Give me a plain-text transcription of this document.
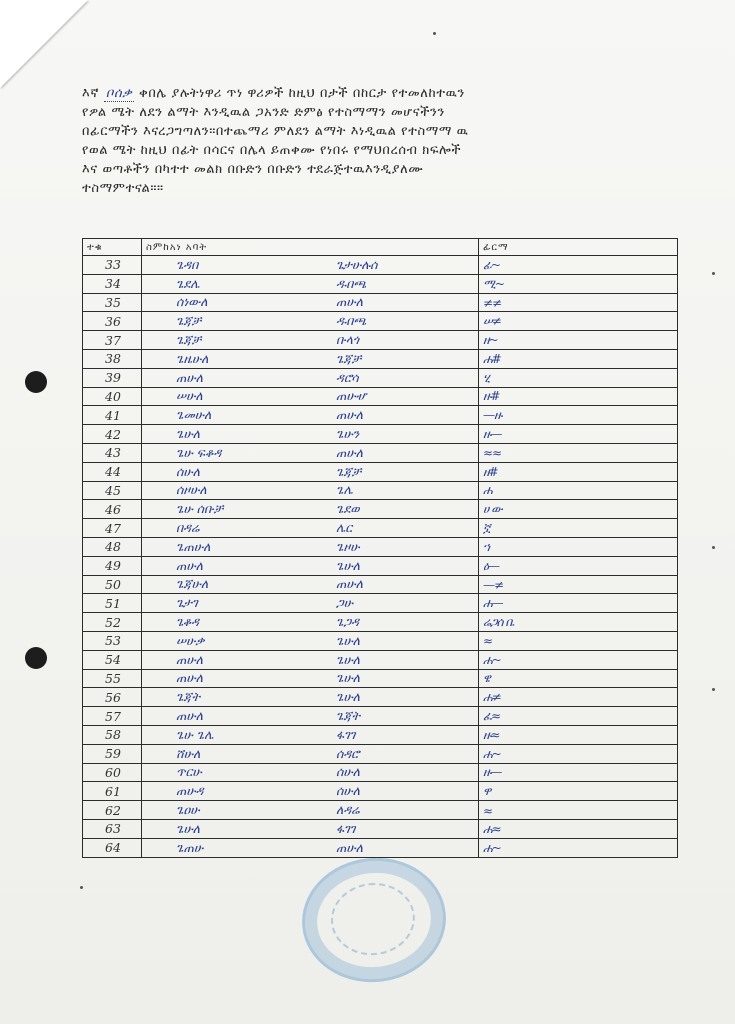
እኛ ቦሰቃ ቀበሌ ያሉትነዋሪ ጥነ ዋሪዎች ከዚህ በታች በከርታ የተመለከተዉን
የዎል ሜት ለደን ልማት እንዲዉል ጋአንድ ድምፅ የተስማማን መሆናችንን
በፊርማችን እናረጋግጣለን።በተጨማሪ ምለደን ልማት እነዲዉል የተስማማ ዉ
የወል ሜት ከዚህ በፊት በሳርና በሌላ ይጠቀሙ የነበሩ የማህበረሰብ ክፍሎች
እና ወጣቶችን በካተተ መልክ በቡድን በቡድን ተደራጅተዉእንዲያለሙ
ተስማምተናል።።
ተቁ	ስምከአነ አባት	ፊርማ
33	ጌዳበ ጌታሁሉሰ	ፊ~
34	ጌደሌ ዱበጫ	ሚ~
35	ሰነውለ ጠሁለ	≠≠
36	ጌጃቻ ዱበጫ	ሠ≠
37	ጌጃቻ ቡላጎ	ዘ~
38	ጌዜሁለ ጌጃቻ	ሐ#
39	ጠሁለ ዳሮሳ	ሂ
40	ሠሁለ ጠሁሇ	ዙ#
41	ጌመሁለ ጠሁለ	—ዙ
42	ጌሁለ ጌሁን	ዙ—
43	ጌሁ ፍቆዳ ጠሁለ	≈≈
44	ሰሁለ ጌጃቻ	ዘ#
45	ሰዞሁለ ጌሌ	ሐ
46	ጌሁ ሰቡቻ ጌደወ	ሀ ው
47	በዳሬ ሌር	ኟ
48	ጌጠሁለ ጌዞሁ	ኀ
49	ጠሁለ ጌሁለ	ዕ—
50	ጌጃሁለ ጠሁለ	—≠
51	ጌታገ ጋሁ	ሐ—
52	ጌቆዳ ጌጋዳ	ሬጋሰ ቤ
53	ሠሁቃ ጌሁለ	≈
54	ጠሁለ ጌሁለ	ሐ~
55	ጠሁለ ጌሁለ	ዌ
56	ጌጃት ጌሁለ	ሐ≠
57	ጠሁለ ጌጃት	ፈ≈
58	ጌሁ ጌሌ ፋገገ	ዙ≈
59	ሸሁለ ሰዳሮ	ሐ~
60	ጥርሁ ሰሁለ	ዙ—
61	ጠሁዳ ሰሁለ	ዋ
62	ጌዐሁ ለዳሬ	≈
63	ጌሁለ ፋገገ	ሐ≈
64	ጌጠሁ ጠሁለ	ሐ~
